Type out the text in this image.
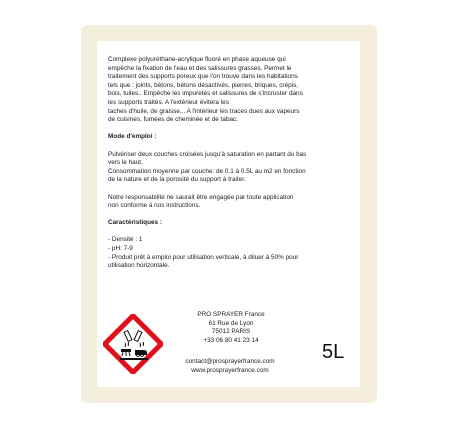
Complexe polyuréthane-acrylique fluoré en phase aqueuse qui

empêche la fixation de l'eau et des salissures grasses. Permet le

traitement des supports poreux que l'on trouve dans les habitations

tels que : joints, bétons, bétons désactivés, pierres, briques, crépis,

bois, tuiles.. Empêche les impuretés et salissures de s'incruster dans

les supports traités. A l'extérieur évitera les

taches d'huile, de graisse... A l'intérieur les traces dues aux vapeurs

de cuisines, fumées de cheminée et de tabac.

Mode d'emploi :

Pulvériser deux couches croisées jusqu'à saturation en partant du bas

vers le haut.

Consommation moyenne par couche: de 0.1 à 0.5L au m2 en fonction

de la nature et de la porosité du support à traiter.

Notre responsabilité ne saurait être engagée par toute application

non conforme à nos instructions.

Caractéristiques :

- Densité : 1

- pH: 7-9

- Produit prêt à emploi pour utilisation verticale, à diluer à 50% pour

utilisation horizontale.

PRO SPRAYER France
61 Rue de Lyon
75012 PARIS
+33 06 80 41 23 14
contact@prosprayerfrance.com
www.prosprayerfrance.com
5L
